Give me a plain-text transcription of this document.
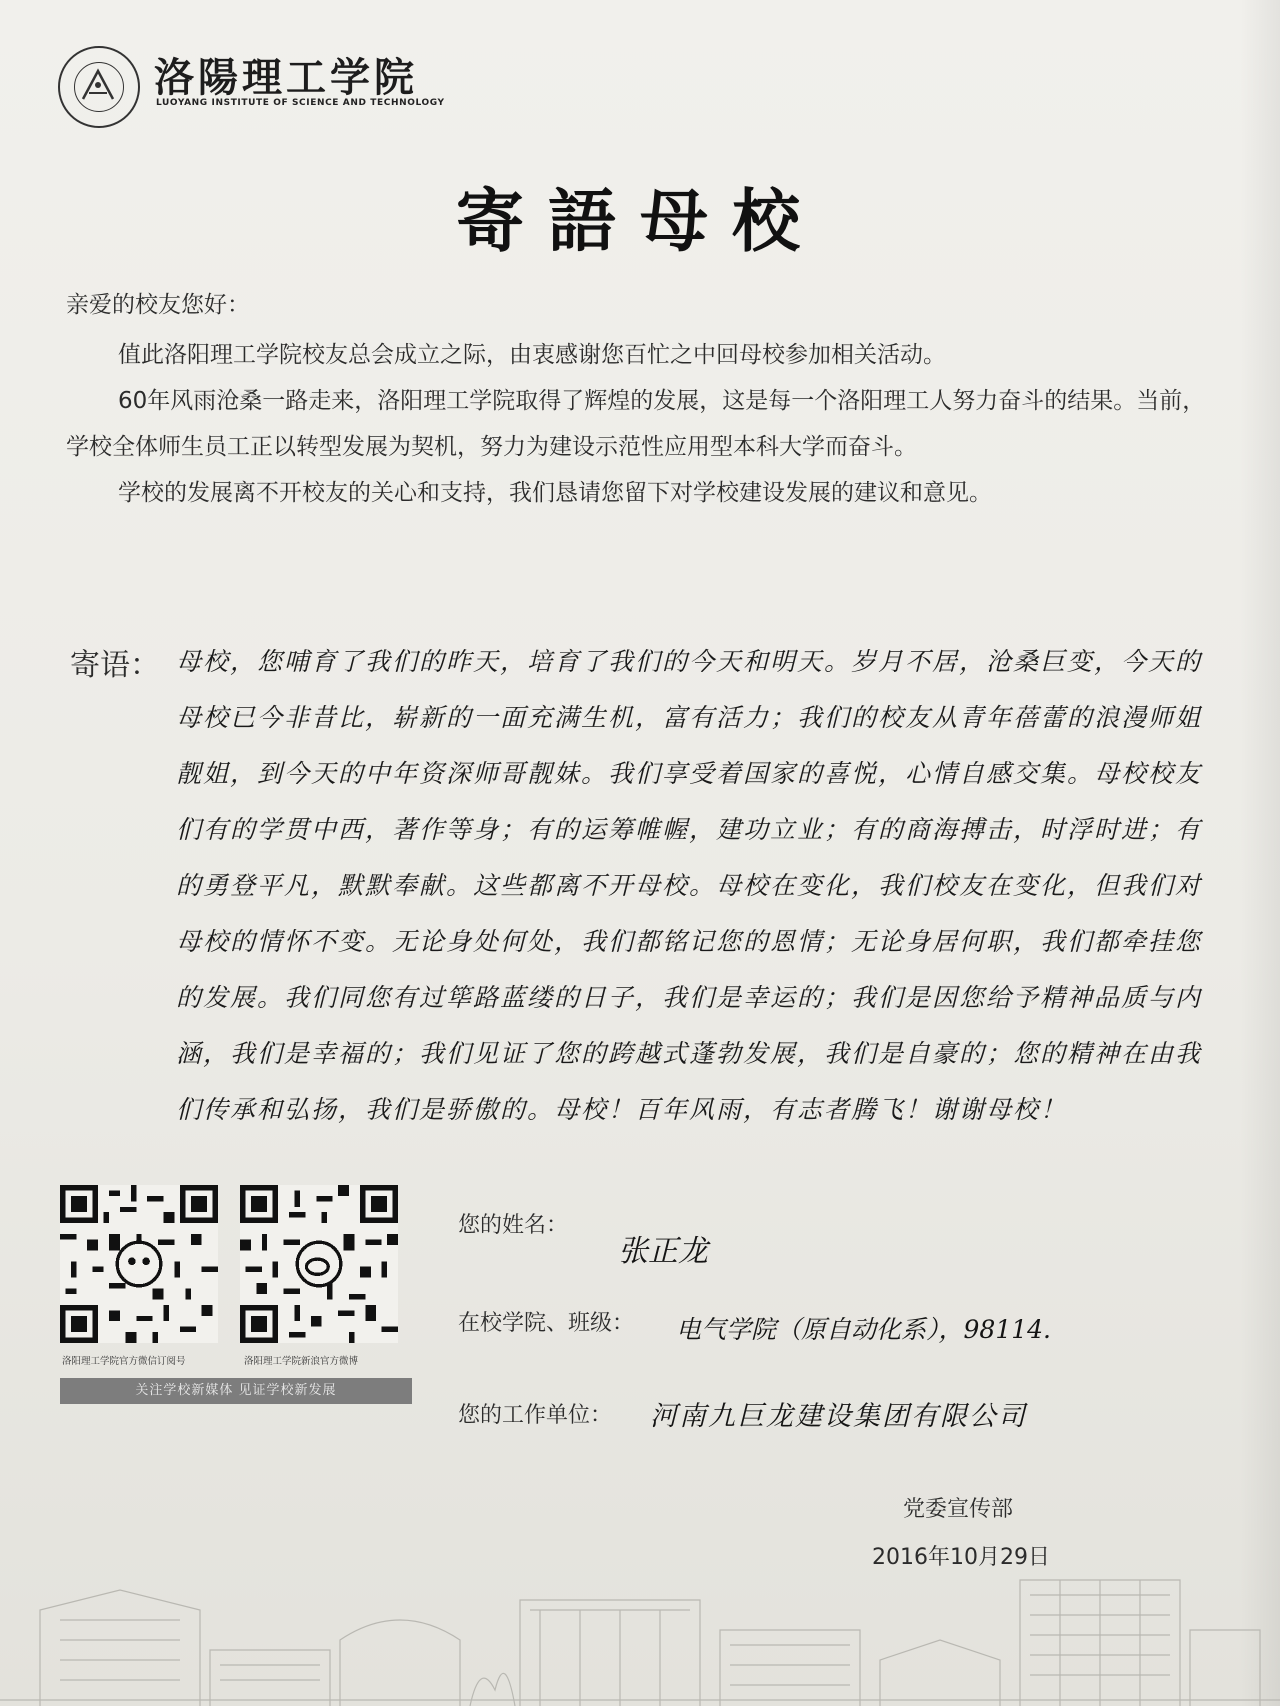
洛陽理工学院
LUOYANG INSTITUTE OF SCIENCE AND TECHNOLOGY
寄語母校

亲爱的校友您好：

值此洛阳理工学院校友总会成立之际，由衷感谢您百忙之中回母校参加相关活动。

60年风雨沧桑一路走来，洛阳理工学院取得了辉煌的发展，这是每一个洛阳理工人努力奋斗的结果。当前，学校全体师生员工正以转型发展为契机，努力为建设示范性应用型本科大学而奋斗。

学校的发展离不开校友的关心和支持，我们恳请您留下对学校建设发展的建议和意见。

寄语： 母校，您哺育了我们的昨天，培育了我们的今天和明天。岁月不居，沧桑巨变，今天的母校已今非昔比，崭新的一面充满生机，富有活力；我们的校友从青年蓓蕾的浪漫师姐靓姐，到今天的中年资深师哥靓妹。我们享受着国家的喜悦，心情自感交集。母校校友们有的学贯中西，著作等身；有的运筹帷幄，建功立业；有的商海搏击，时浮时进；有的勇登平凡，默默奉献。这些都离不开母校。母校在变化，我们校友在变化，但我们对母校的情怀不变。无论身处何处，我们都铭记您的恩情；无论身居何职，我们都牵挂您的发展。我们同您有过筚路蓝缕的日子，我们是幸运的；我们是因您给予精神品质与内涵，我们是幸福的；我们见证了您的跨越式蓬勃发展，我们是自豪的；您的精神在由我们传承和弘扬，我们是骄傲的。母校！百年风雨，有志者腾飞！谢谢母校！
洛阳理工学院官方微信订阅号	洛阳理工学院新浪官方微博
关注学校新媒体 见证学校新发展
您的姓名：
张正龙
在校学院、班级： 电气学院（原自动化系），98114.
您的工作单位： 河南九巨龙建设集团有限公司
党委宣传部
2016年10月29日
